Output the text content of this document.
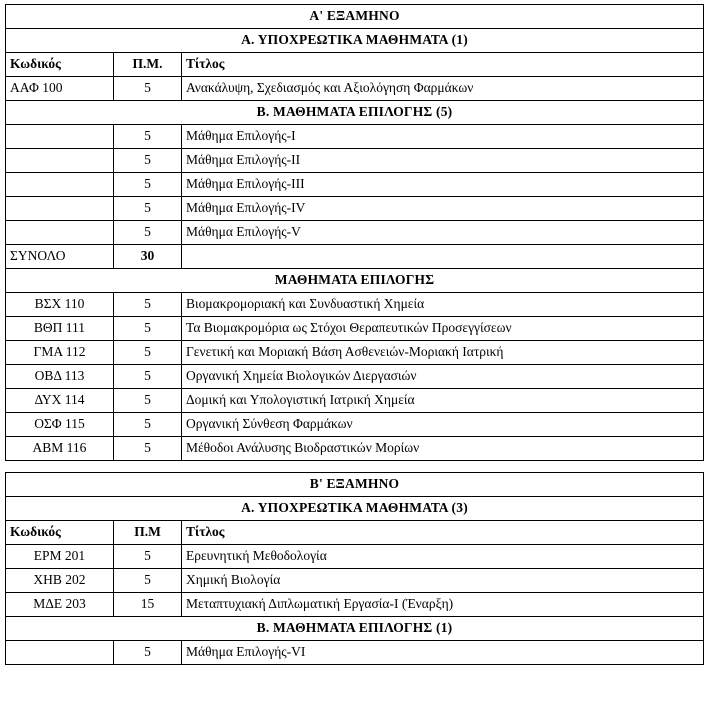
Α' ΕΞΑΜΗΝΟ		
Α. ΥΠΟΧΡΕΩΤΙΚΑ ΜΑΘΗΜΑΤΑ (1)		
Κωδικός	Π.Μ.	Τίτλος
ΑΑΦ 100	5	Ανακάλυψη, Σχεδιασμός και Αξιολόγηση Φαρμάκων
Β. ΜΑΘΗΜΑΤΑ ΕΠΙΛΟΓΗΣ (5)		
	5	Μάθημα Επιλογής-Ι
	5	Μάθημα Επιλογής-ΙΙ
	5	Μάθημα Επιλογής-ΙΙΙ
	5	Μάθημα Επιλογής-ΙV
	5	Μάθημα Επιλογής-V
ΣΥΝΟΛΟ	30	
ΜΑΘΗΜΑΤΑ ΕΠΙΛΟΓΗΣ		
ΒΣΧ 110	5	Βιομακρομοριακή και Συνδυαστική Χημεία
ΒΘΠ 111	5	Τα Βιομακρομόρια ως Στόχοι Θεραπευτικών Προσεγγίσεων
ΓΜΑ 112	5	Γενετική και Μοριακή Βάση Ασθενειών-Μοριακή Ιατρική
ΟΒΔ 113	5	Οργανική Χημεία Βιολογικών Διεργασιών
ΔΥΧ 114	5	Δομική και Υπολογιστική Ιατρική Χημεία
ΟΣΦ 115	5	Οργανική Σύνθεση Φαρμάκων
ΑΒΜ 116	5	Μέθοδοι Ανάλυσης Βιοδραστικών Μορίων
Β' ΕΞΑΜΗΝΟ		
Α. ΥΠΟΧΡΕΩΤΙΚΑ ΜΑΘΗΜΑΤΑ (3)		
Κωδικός	Π.Μ	Τίτλος
ΕΡΜ 201	5	Ερευνητική Μεθοδολογία
ΧΗΒ 202	5	Χημική Βιολογία
ΜΔΕ 203	15	Μεταπτυχιακή Διπλωματική Εργασία-Ι (Έναρξη)
Β. ΜΑΘΗΜΑΤΑ ΕΠΙΛΟΓΗΣ (1)		
	5	Μάθημα Επιλογής-VΙ
